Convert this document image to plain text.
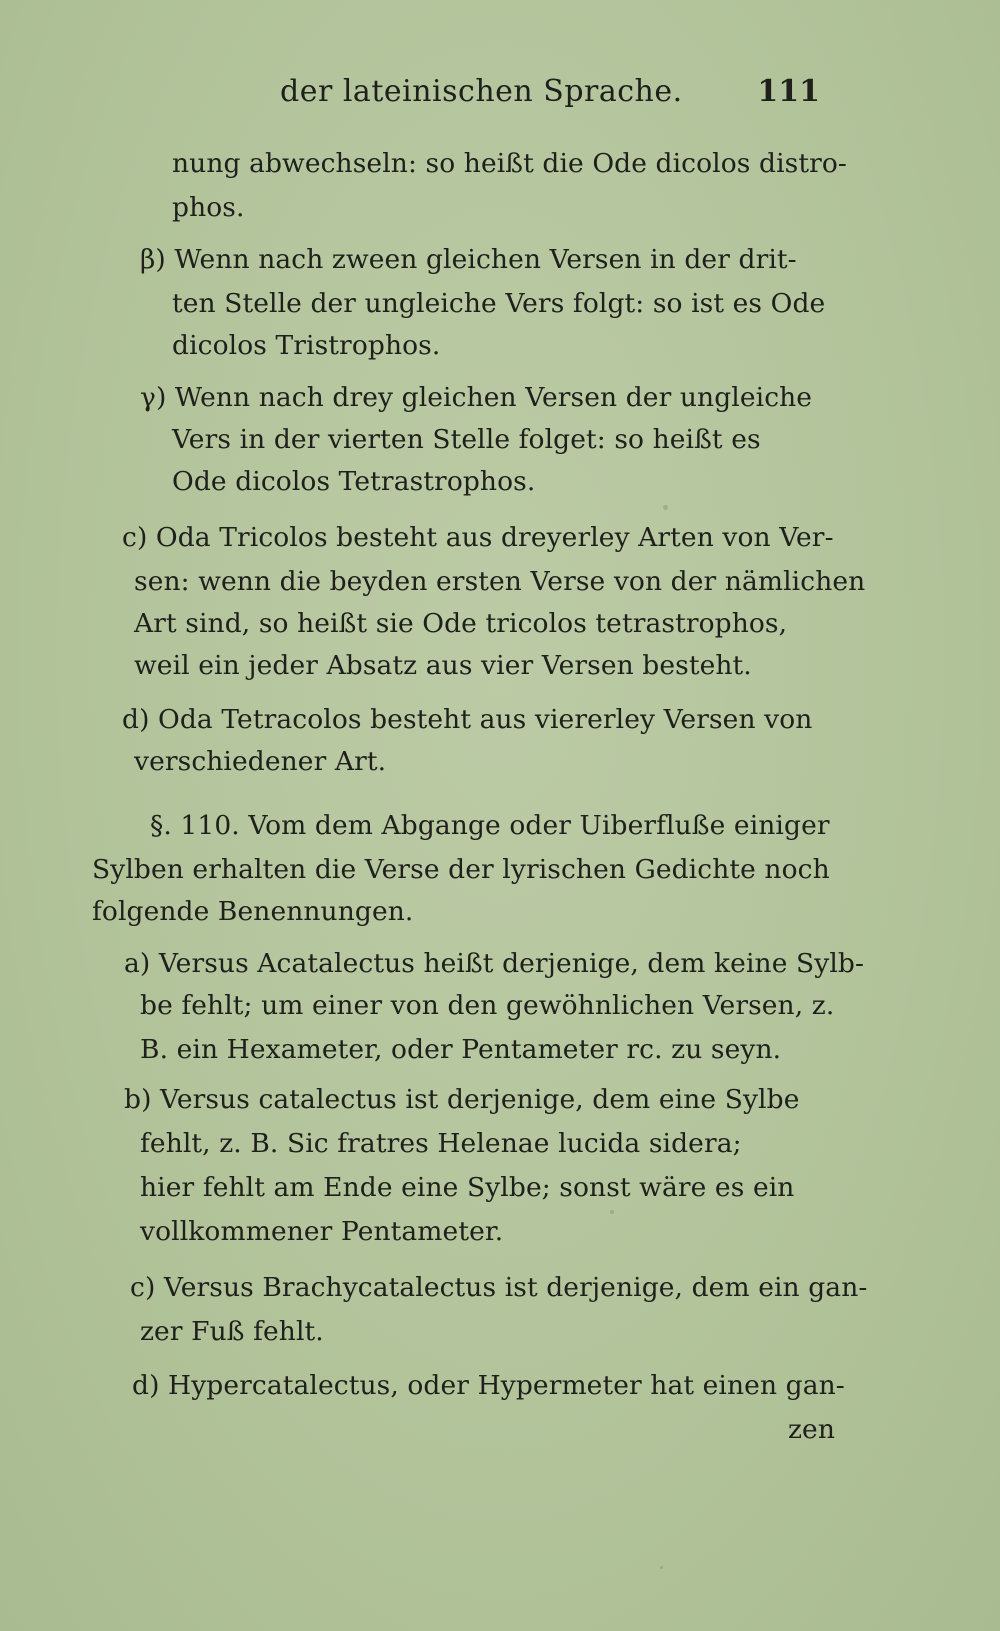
der lateinischen Sprache. 111
nung abwechseln: so heißt die Ode dicolos distro-
phos.
β) Wenn nach zween gleichen Versen in der drit-
ten Stelle der ungleiche Vers folgt: so ist es Ode
dicolos Tristrophos.
γ) Wenn nach drey gleichen Versen der ungleiche
Vers in der vierten Stelle folget: so heißt es
Ode dicolos Tetrastrophos.
c) Oda Tricolos besteht aus dreyerley Arten von Ver-
sen: wenn die beyden ersten Verse von der nämlichen
Art sind, so heißt sie Ode tricolos tetrastrophos,
weil ein jeder Absatz aus vier Versen besteht.
d) Oda Tetracolos besteht aus viererley Versen von
verschiedener Art.
§. 110. Vom dem Abgange oder Uiberfluße einiger
Sylben erhalten die Verse der lyrischen Gedichte noch
folgende Benennungen.
a) Versus Acatalectus heißt derjenige, dem keine Sylb-
be fehlt; um einer von den gewöhnlichen Versen, z.
B. ein Hexameter, oder Pentameter rc. zu seyn.
b) Versus catalectus ist derjenige, dem eine Sylbe
fehlt, z. B. Sic fratres Helenae lucida sidera;
hier fehlt am Ende eine Sylbe; sonst wäre es ein
vollkommener Pentameter.
c) Versus Brachycatalectus ist derjenige, dem ein gan-
zer Fuß fehlt.
d) Hypercatalectus, oder Hypermeter hat einen gan-
zen
